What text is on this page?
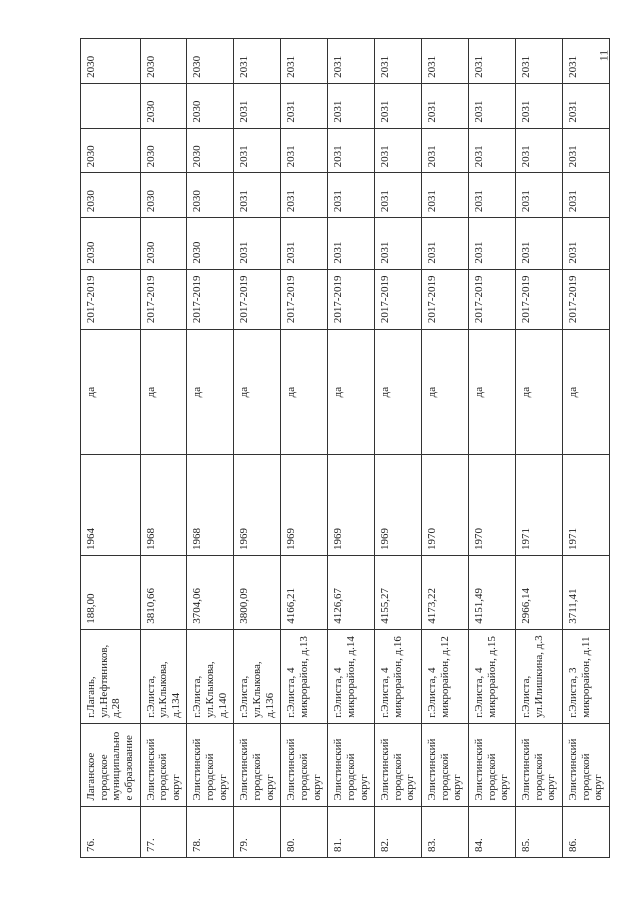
11
76.	Лаганское городское муниципальное образование	г.Лагань, ул.Нефтяников, д.28	188,00	1964	да	2017-2019	2030	2030	2030		2030
77.	Элистинский городской округ	г.Элиста, ул.Клыкова, д.134	3810,66	1968	да	2017-2019	2030	2030	2030	2030	2030
78.	Элистинский городской округ	г.Элиста, ул.Клыкова, д.140	3704,06	1968	да	2017-2019	2030	2030	2030	2030	2030
79.	Элистинский городской округ	г.Элиста, ул.Клыкова, д.136	3800,09	1969	да	2017-2019	2031	2031	2031	2031	2031
80.	Элистинский городской округ	г.Элиста, 4 микрорайон, д.13	4166,21	1969	да	2017-2019	2031	2031	2031	2031	2031
81.	Элистинский городской округ	г.Элиста, 4 микрорайон, д.14	4126,67	1969	да	2017-2019	2031	2031	2031	2031	2031
82.	Элистинский городской округ	г.Элиста, 4 микрорайон, д.16	4155,27	1969	да	2017-2019	2031	2031	2031	2031	2031
83.	Элистинский городской округ	г.Элиста, 4 микрорайон, д.12	4173,22	1970	да	2017-2019	2031	2031	2031	2031	2031
84.	Элистинский городской округ	г.Элиста, 4 микрорайон, д.15	4151,49	1970	да	2017-2019	2031	2031	2031	2031	2031
85.	Элистинский городской округ	г.Элиста, ул.Илишкина, д.3	2966,14	1971	да	2017-2019	2031	2031	2031	2031	2031
86.	Элистинский городской округ	г.Элиста, 3 микрорайон, д.11	3711,41	1971	да	2017-2019	2031	2031	2031	2031	2031
